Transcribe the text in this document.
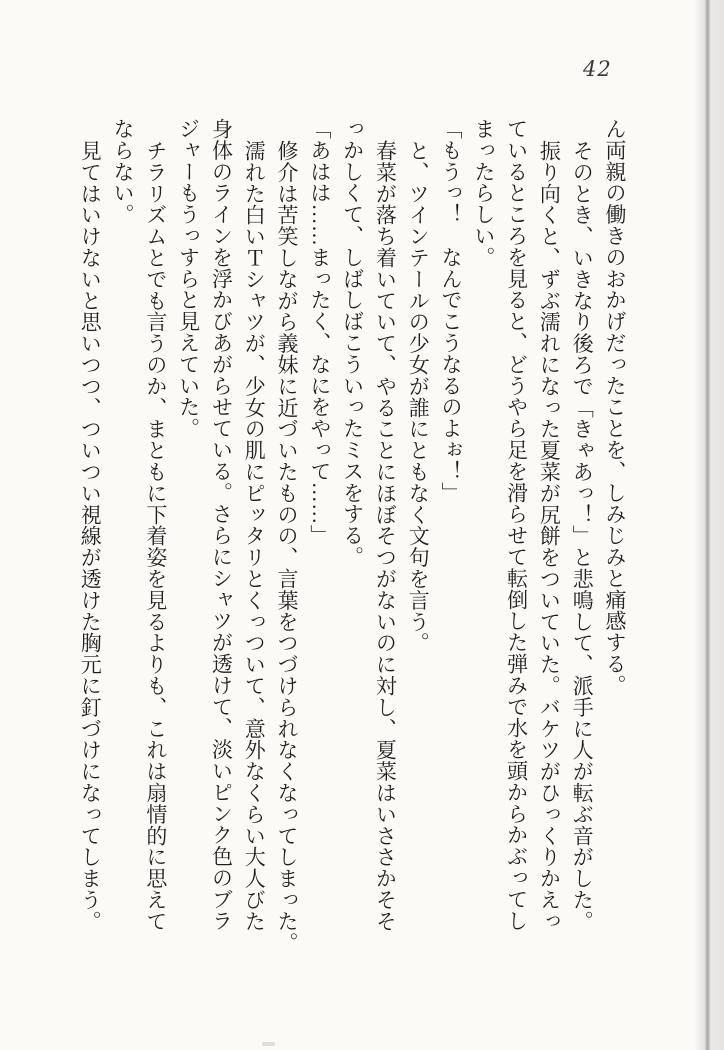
42
ん両親の働きのおかげだったことを、しみじみと痛感する。
そのとき、いきなり後ろで「きゃあっ！」と悲鳴して、派手に人が転ぶ音がした。
振り向くと、ずぶ濡れになった夏菜が尻餅をついていた。バケツがひっくりかえっ
ているところを見ると、どうやら足を滑らせて転倒した弾みで水を頭からかぶってし
まったらしい。
「もうっ！　なんでこうなるのよぉ！」
と、ツインテールの少女が誰にともなく文句を言う。
春菜が落ち着いていて、やることにほぼそつがないのに対し、夏菜はいささかそそ
っかしくて、しばしばこういったミスをする。
「あはは……まったく、なにをやって……」
修介は苦笑しながら義妹に近づいたものの、言葉をつづけられなくなってしまった。
濡れた白いＴシャツが、少女の肌にピッタリとくっついて、意外なくらい大人びた
身体のラインを浮かびあがらせている。さらにシャツが透けて、淡いピンク色のブラ
ジャーもうっすらと見えていた。
チラリズムとでも言うのか、まともに下着姿を見るよりも、これは扇情的に思えて
ならない。
見てはいけないと思いつつ、ついつい視線が透けた胸元に釘づけになってしまう。
